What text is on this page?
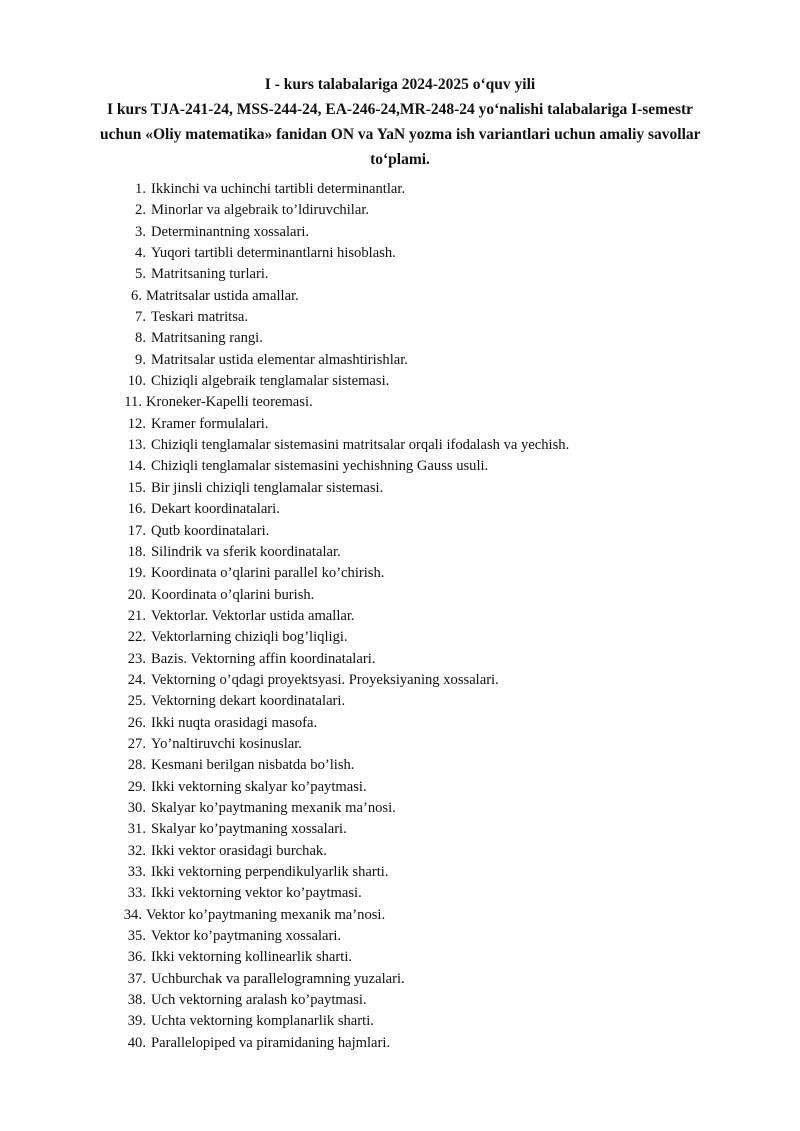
I - kurs talabalariga 2024-2025 o‘quv yili
I kurs TJA-241-24, MSS-244-24, EA-246-24,MR-248-24 yo‘nalishi talabalariga I-semestr
uchun «Oliy matematika» fanidan ON va YaN yozma ish variantlari uchun amaliy savollar
to‘plami.
1. Ikkinchi va uchinchi tartibli determinantlar.
2. Minorlar va algebraik to’ldiruvchilar.
3. Determinantning xossalari.
4. Yuqori tartibli determinantlarni hisoblash.
5. Matritsaning turlari.
6. Matritsalar ustida amallar.
7. Teskari matritsa.
8. Matritsaning rangi.
9. Matritsalar ustida elementar almashtirishlar.
10. Chiziqli algebraik tenglamalar sistemasi.
11. Kroneker-Kapelli teoremasi.
12. Kramer formulalari.
13. Chiziqli tenglamalar sistemasini matritsalar orqali ifodalash va yechish.
14. Chiziqli tenglamalar sistemasini yechishning Gauss usuli.
15. Bir jinsli chiziqli tenglamalar sistemasi.
16. Dekart koordinatalari.
17. Qutb koordinatalari.
18. Silindrik va sferik koordinatalar.
19. Koordinata o’qlarini parallel ko’chirish.
20. Koordinata o’qlarini burish.
21. Vektorlar. Vektorlar ustida amallar.
22. Vektorlarning chiziqli bog’liqligi.
23. Bazis. Vektorning affin koordinatalari.
24. Vektorning o’qdagi proyektsyasi. Proyeksiyaning xossalari.
25. Vektorning dekart koordinatalari.
26. Ikki nuqta orasidagi masofa.
27. Yo’naltiruvchi kosinuslar.
28. Kesmani berilgan nisbatda bo’lish.
29. Ikki vektorning skalyar ko’paytmasi.
30. Skalyar ko’paytmaning mexanik ma’nosi.
31. Skalyar ko’paytmaning xossalari.
32. Ikki vektor orasidagi burchak.
33. Ikki vektorning perpendikulyarlik sharti.
33. Ikki vektorning vektor ko’paytmasi.
34. Vektor ko’paytmaning mexanik ma’nosi.
35. Vektor ko’paytmaning xossalari.
36. Ikki vektorning kollinearlik sharti.
37. Uchburchak va parallelogramning yuzalari.
38. Uch vektorning aralash ko’paytmasi.
39. Uchta vektorning komplanarlik sharti.
40. Parallelopiped va piramidaning hajmlari.
